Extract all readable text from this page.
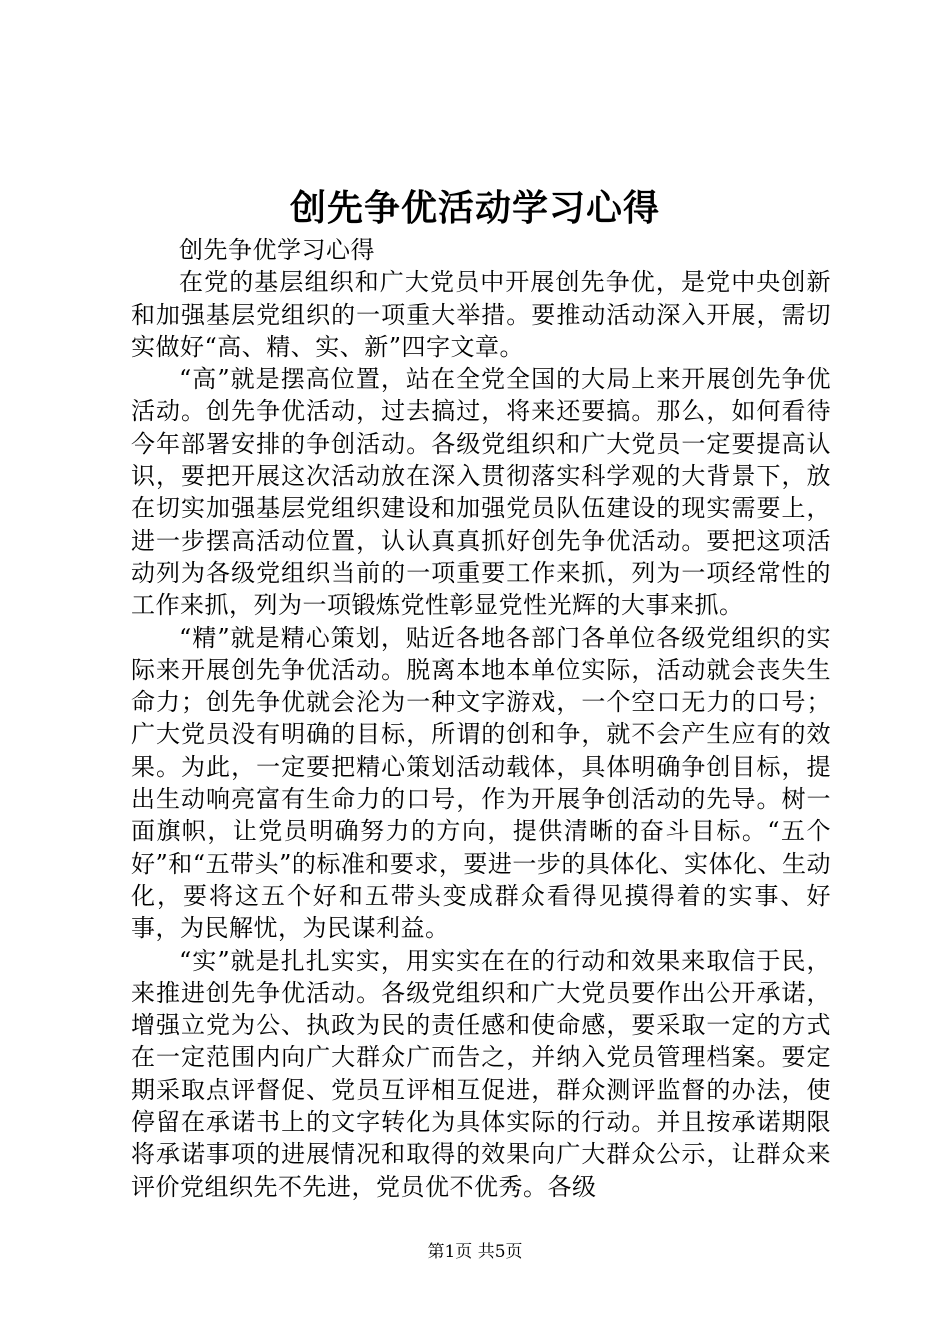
创先争优活动学习心得

创先争优学习心得

在党的基层组织和广大党员中开展创先争优，是党中央创新和加强基层党组织的一项重大举措。要推动活动深入开展，需切实做好“高、精、实、新”四字文章。

“高”就是摆高位置，站在全党全国的大局上来开展创先争优活动。创先争优活动，过去搞过，将来还要搞。那么，如何看待今年部署安排的争创活动。各级党组织和广大党员一定要提高认识，要把开展这次活动放在深入贯彻落实科学观的大背景下，放在切实加强基层党组织建设和加强党员队伍建设的现实需要上，进一步摆高活动位置，认认真真抓好创先争优活动。要把这项活动列为各级党组织当前的一项重要工作来抓，列为一项经常性的工作来抓，列为一项锻炼党性彰显党性光辉的大事来抓。

“精”就是精心策划，贴近各地各部门各单位各级党组织的实际来开展创先争优活动。脱离本地本单位实际，活动就会丧失生命力；创先争优就会沦为一种文字游戏，一个空口无力的口号；广大党员没有明确的目标，所谓的创和争，就不会产生应有的效果。为此，一定要把精心策划活动载体，具体明确争创目标，提出生动响亮富有生命力的口号，作为开展争创活动的先导。树一面旗帜，让党员明确努力的方向，提供清晰的奋斗目标。“五个好”和“五带头”的标准和要求，要进一步的具体化、实体化、生动化，要将这五个好和五带头变成群众看得见摸得着的实事、好事，为民解忧，为民谋利益。

“实”就是扎扎实实，用实实在在的行动和效果来取信于民，来推进创先争优活动。各级党组织和广大党员要作出公开承诺，增强立党为公、执政为民的责任感和使命感，要采取一定的方式在一定范围内向广大群众广而告之，并纳入党员管理档案。要定期采取点评督促、党员互评相互促进，群众测评监督的办法，使停留在承诺书上的文字转化为具体实际的行动。并且按承诺期限将承诺事项的进展情况和取得的效果向广大群众公示，让群众来评价党组织先不先进，党员优不优秀。各级

第1页 共5页
